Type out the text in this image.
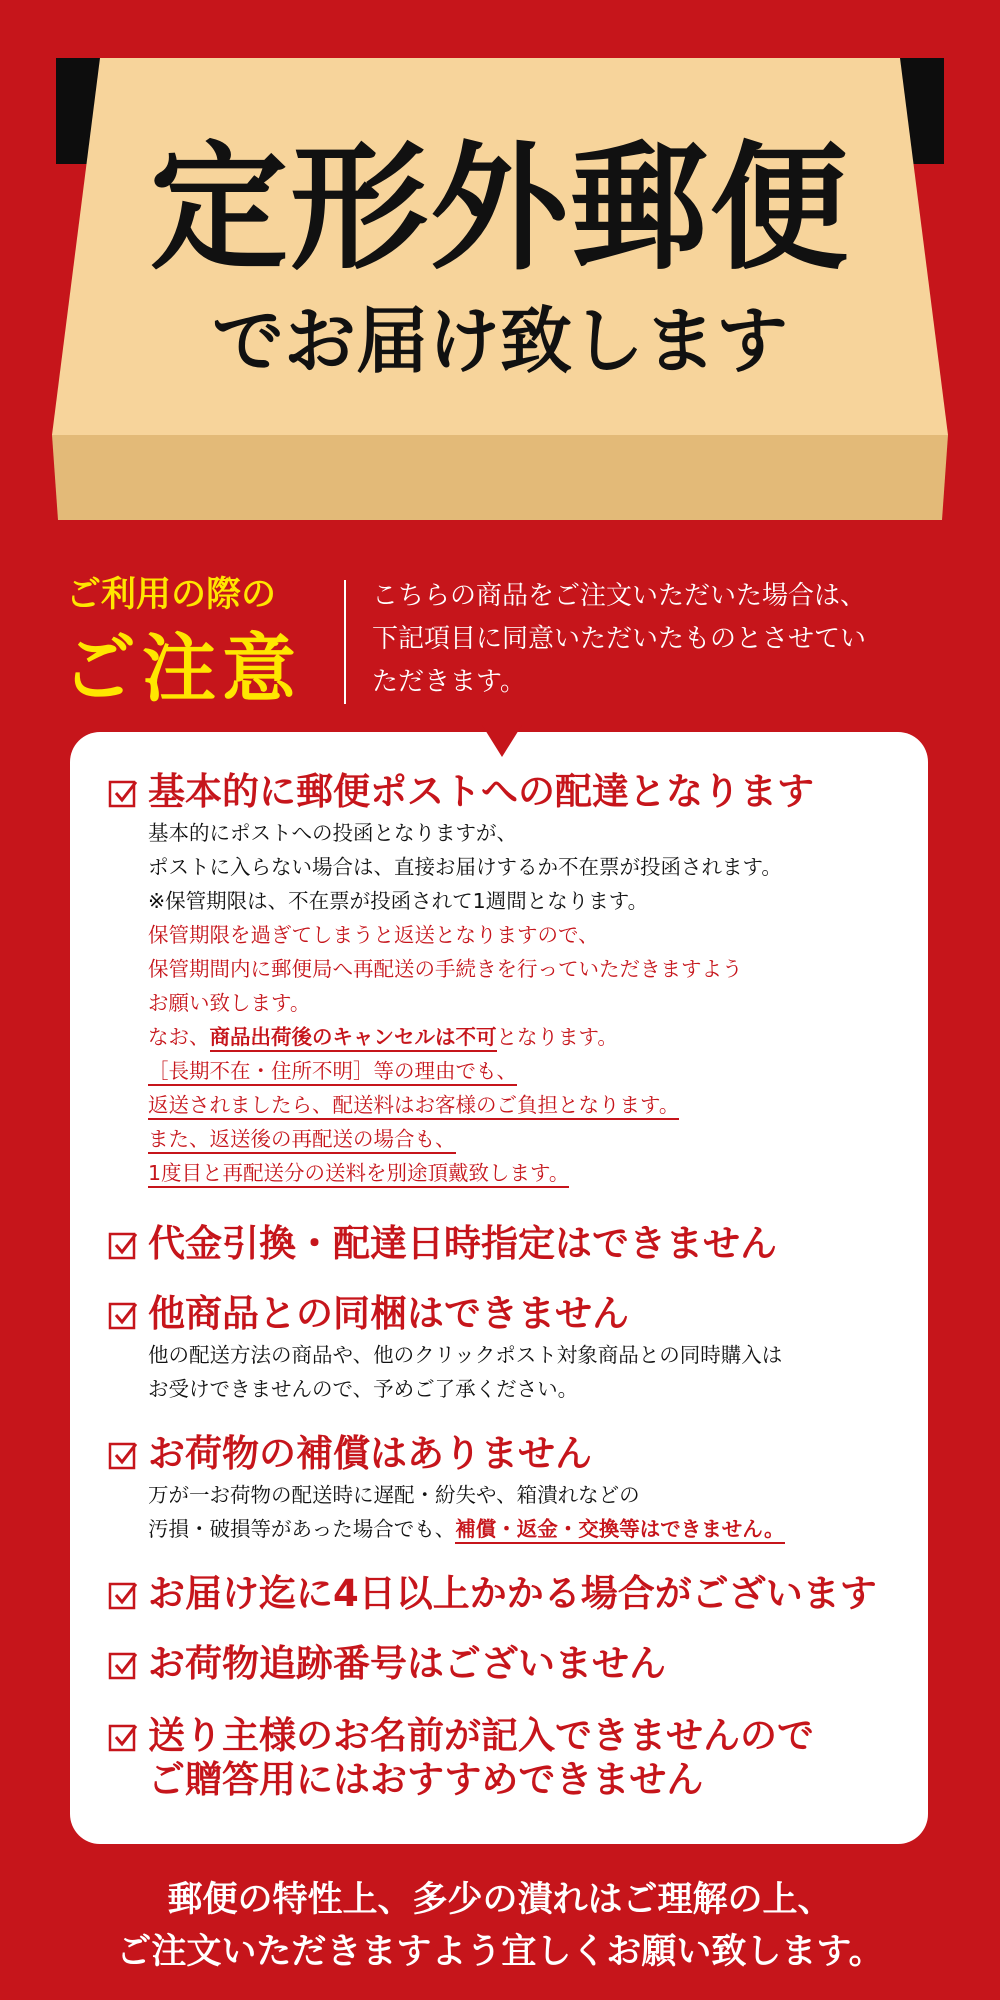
定形外郵便
でお届け致します
ご利用の際の
ご注意
こちらの商品をご注文いただいた場合は、
下記項目に同意いただいたものとさせてい
ただきます。
基本的に郵便ポストへの配達となります
基本的にポストへの投函となりますが、
ポストに入らない場合は、直接お届けするか不在票が投函されます。
※保管期限は、不在票が投函されて1週間となります。
保管期限を過ぎてしまうと返送となりますので、
保管期間内に郵便局へ再配送の手続きを行っていただきますよう
お願い致します。
なお、商品出荷後のキャンセルは不可となります。
［長期不在・住所不明］等の理由でも、
返送されましたら、配送料はお客様のご負担となります。
また、返送後の再配送の場合も、
1度目と再配送分の送料を別途頂戴致します。
代金引換・配達日時指定はできません
他商品との同梱はできません
他の配送方法の商品や、他のクリックポスト対象商品との同時購入は
お受けできませんので、予めご了承ください。
お荷物の補償はありません
万が一お荷物の配送時に遅配・紛失や、箱潰れなどの
汚損・破損等があった場合でも、補償・返金・交換等はできません。
お届け迄に4日以上かかる場合がございます
お荷物追跡番号はございません
送り主様のお名前が記入できませんので
ご贈答用にはおすすめできません
郵便の特性上、多少の潰れはご理解の上、
ご注文いただきますよう宜しくお願い致します。
